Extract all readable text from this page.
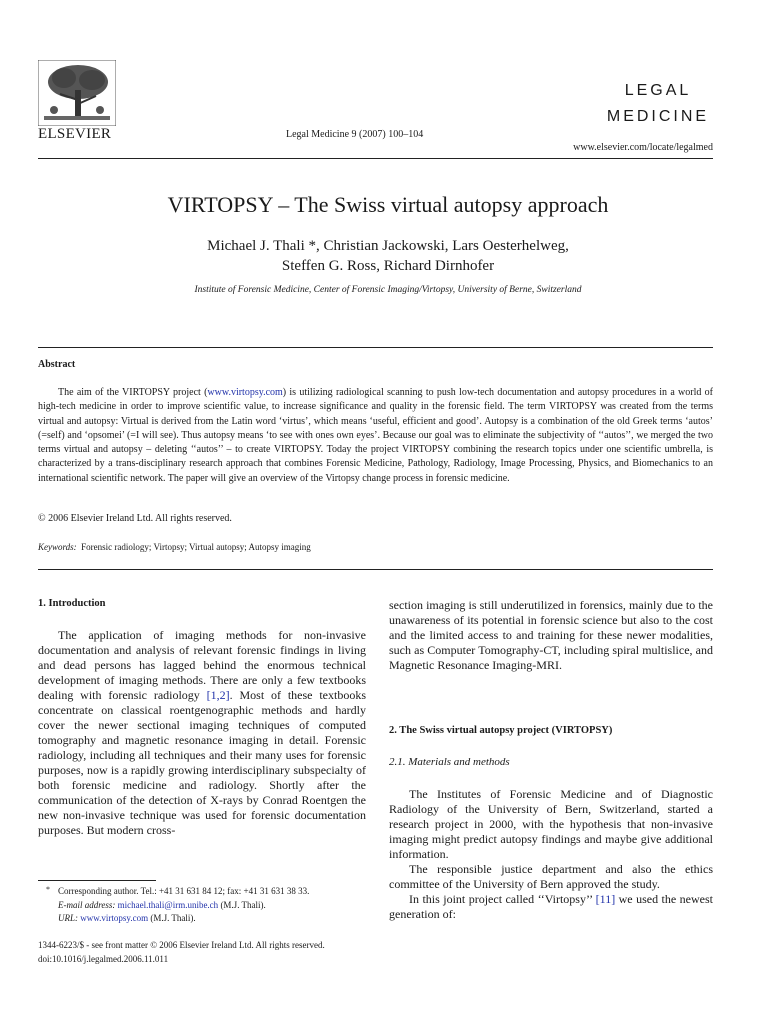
ELSEVIER	Legal Medicine 9 (2007) 100–104
LEGAL
MEDICINE
www.elsevier.com/locate/legalmed
VIRTOPSY – The Swiss virtual autopsy approach
Michael J. Thali *, Christian Jackowski, Lars Oesterhelweg,
Steffen G. Ross, Richard Dirnhofer
Institute of Forensic Medicine, Center of Forensic Imaging/Virtopsy, University of Berne, Switzerland
Abstract

The aim of the VIRTOPSY project (www.virtopsy.com) is utilizing radiological scanning to push low-tech documentation and autopsy procedures in a world of high-tech medicine in order to improve scientific value, to increase significance and quality in the forensic field. The term VIRTOPSY was created from the terms virtual and autopsy: Virtual is derived from the Latin word ‘virtus’, which means ‘useful, efficient and good’. Autopsy is a combination of the old Greek terms ‘autos’ (=self) and ‘opsomei’ (=I will see). Thus autopsy means ‘to see with ones own eyes’. Because our goal was to eliminate the subjectivity of ‘‘autos’’, we merged the two terms virtual and autopsy – deleting ‘‘autos’’ – to create VIRTOPSY. Today the project VIRTOPSY combining the research topics under one scientific umbrella, is characterized by a trans-disciplinary research approach that combines Forensic Medicine, Pathology, Radiology, Image Processing, Physics, and Biomechanics to an international scientific network. The paper will give an overview of the Virtopsy change process in forensic medicine.

© 2006 Elsevier Ireland Ltd. All rights reserved.
Keywords: Forensic radiology; Virtopsy; Virtual autopsy; Autopsy imaging
1. Introduction

The application of imaging methods for non-invasive documentation and analysis of relevant forensic findings in living and dead persons has lagged behind the enormous technical development of imaging methods. There are only a few textbooks dealing with forensic radiology [1,2]. Most of these textbooks concentrate on classical roentgenographic methods and hardly cover the newer sectional imaging techniques of computed tomography and magnetic resonance imaging in detail. Forensic radiology, including all techniques and their many uses for forensic purposes, now is a rapidly growing interdisciplinary subspecialty of both forensic medicine and radiology. Shortly after the communication of the detection of X-rays by Conrad Roentgen the new non-invasive technique was used for forensic documentation purposes. But modern cross-

section imaging is still underutilized in forensics, mainly due to the unawareness of its potential in forensic science but also to the cost and the limited access to and training for these newer modalities, such as Computer Tomography-CT, including spiral multislice, and Magnetic Resonance Imaging-MRI.
2. The Swiss virtual autopsy project (VIRTOPSY)
2.1. Materials and methods

The Institutes of Forensic Medicine and of Diagnostic Radiology of the University of Bern, Switzerland, started a research project in 2000, with the hypothesis that non-invasive imaging might predict autopsy findings and maybe give additional information.

The responsible justice department and also the ethics committee of the University of Bern approved the study.

In this joint project called ‘‘Virtopsy’’ [11] we used the newest generation of:

* Corresponding author. Tel.: +41 31 631 84 12; fax: +41 31 631 38 33.
E-mail address: michael.thali@irm.unibe.ch (M.J. Thali).
URL: www.virtopsy.com (M.J. Thali).
1344-6223/$ - see front matter © 2006 Elsevier Ireland Ltd. All rights reserved.
doi:10.1016/j.legalmed.2006.11.011
